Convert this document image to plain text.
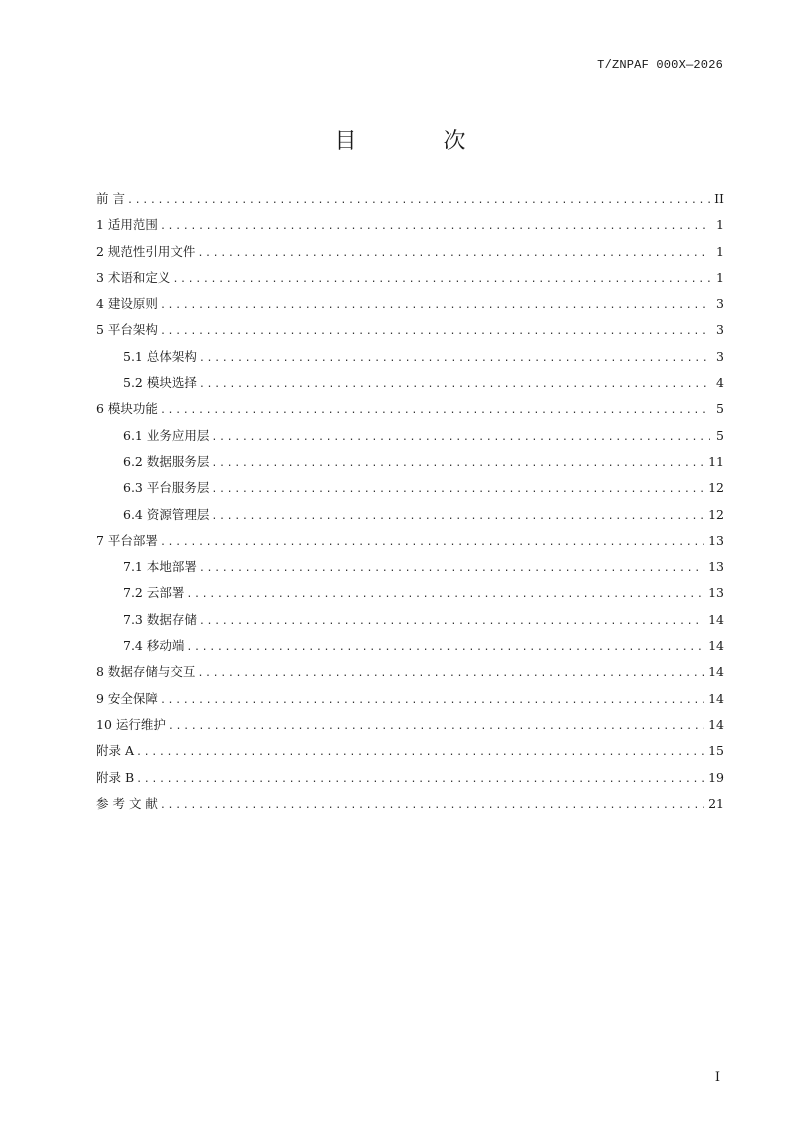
T/ZNPAF 000X—2026
目 次
前 言 .....	II
1 适用范围 .....	1
2 规范性引用文件 .....	1
3 术语和定义 .....	1
4 建设原则 .....	3
5 平台架构 .....	3
5.1 总体架构 .....	3
5.2 模块选择 .....	4
6 模块功能 .....	5
6.1 业务应用层 .....	5
6.2 数据服务层 .....	11
6.3 平台服务层 .....	12
6.4 资源管理层 .....	12
7 平台部署 .....	13
7.1 本地部署 .....	13
7.2 云部署 .....	13
7.3 数据存储 .....	14
7.4 移动端 .....	14
8 数据存储与交互 .....	14
9 安全保障 .....	14
10 运行维护 .....	14
附录 A .....	15
附录 B .....	19
参 考 文 献 .....	21
I
